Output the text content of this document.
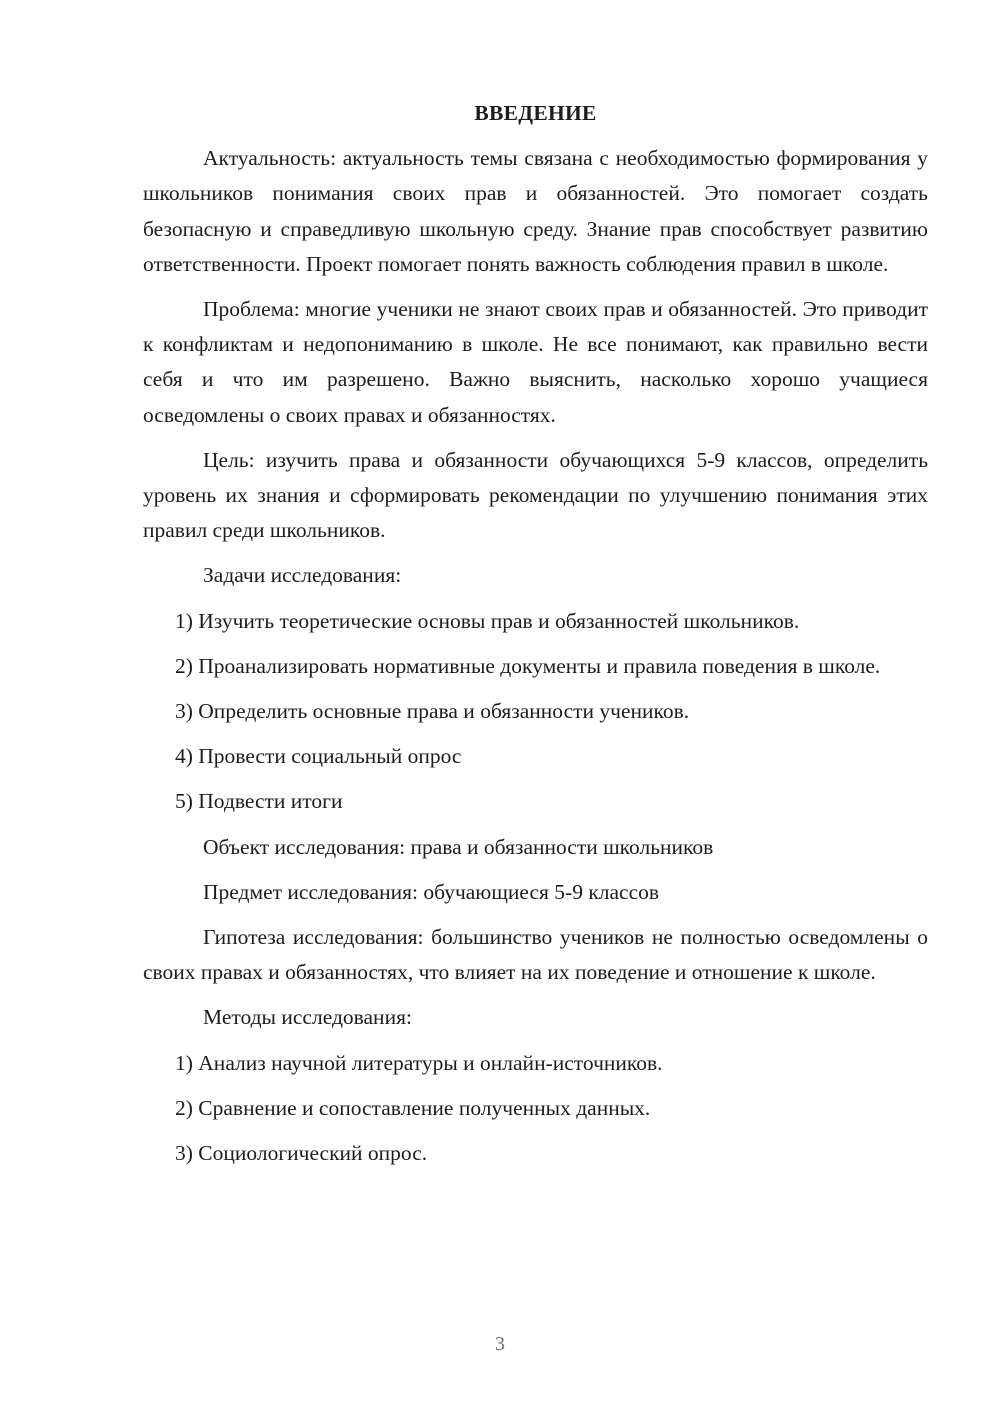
ВВЕДЕНИЕ

Актуальность: актуальность темы связана с необходимостью формирования у школьников понимания своих прав и обязанностей. Это помогает создать безопасную и справедливую школьную среду. Знание прав способствует развитию ответственности. Проект помогает понять важность соблюдения правил в школе.

Проблема: многие ученики не знают своих прав и обязанностей. Это приводит к конфликтам и недопониманию в школе. Не все понимают, как правильно вести себя и что им разрешено. Важно выяснить, насколько хорошо учащиеся осведомлены о своих правах и обязанностях.

Цель: изучить права и обязанности обучающихся 5-9 классов, определить уровень их знания и сформировать рекомендации по улучшению понимания этих правил среди школьников.

Задачи исследования:

1) Изучить теоретические основы прав и обязанностей школьников.

2) Проанализировать нормативные документы и правила поведения в школе.

3) Определить основные права и обязанности учеников.

4) Провести социальный опрос

5) Подвести итоги

Объект исследования: права и обязанности школьников

Предмет исследования: обучающиеся 5-9 классов

Гипотеза исследования: большинство учеников не полностью осведомлены о своих правах и обязанностях, что влияет на их поведение и отношение к школе.

Методы исследования:

1) Анализ научной литературы и онлайн-источников.

2) Сравнение и сопоставление полученных данных.

3) Социологический опрос.

3
